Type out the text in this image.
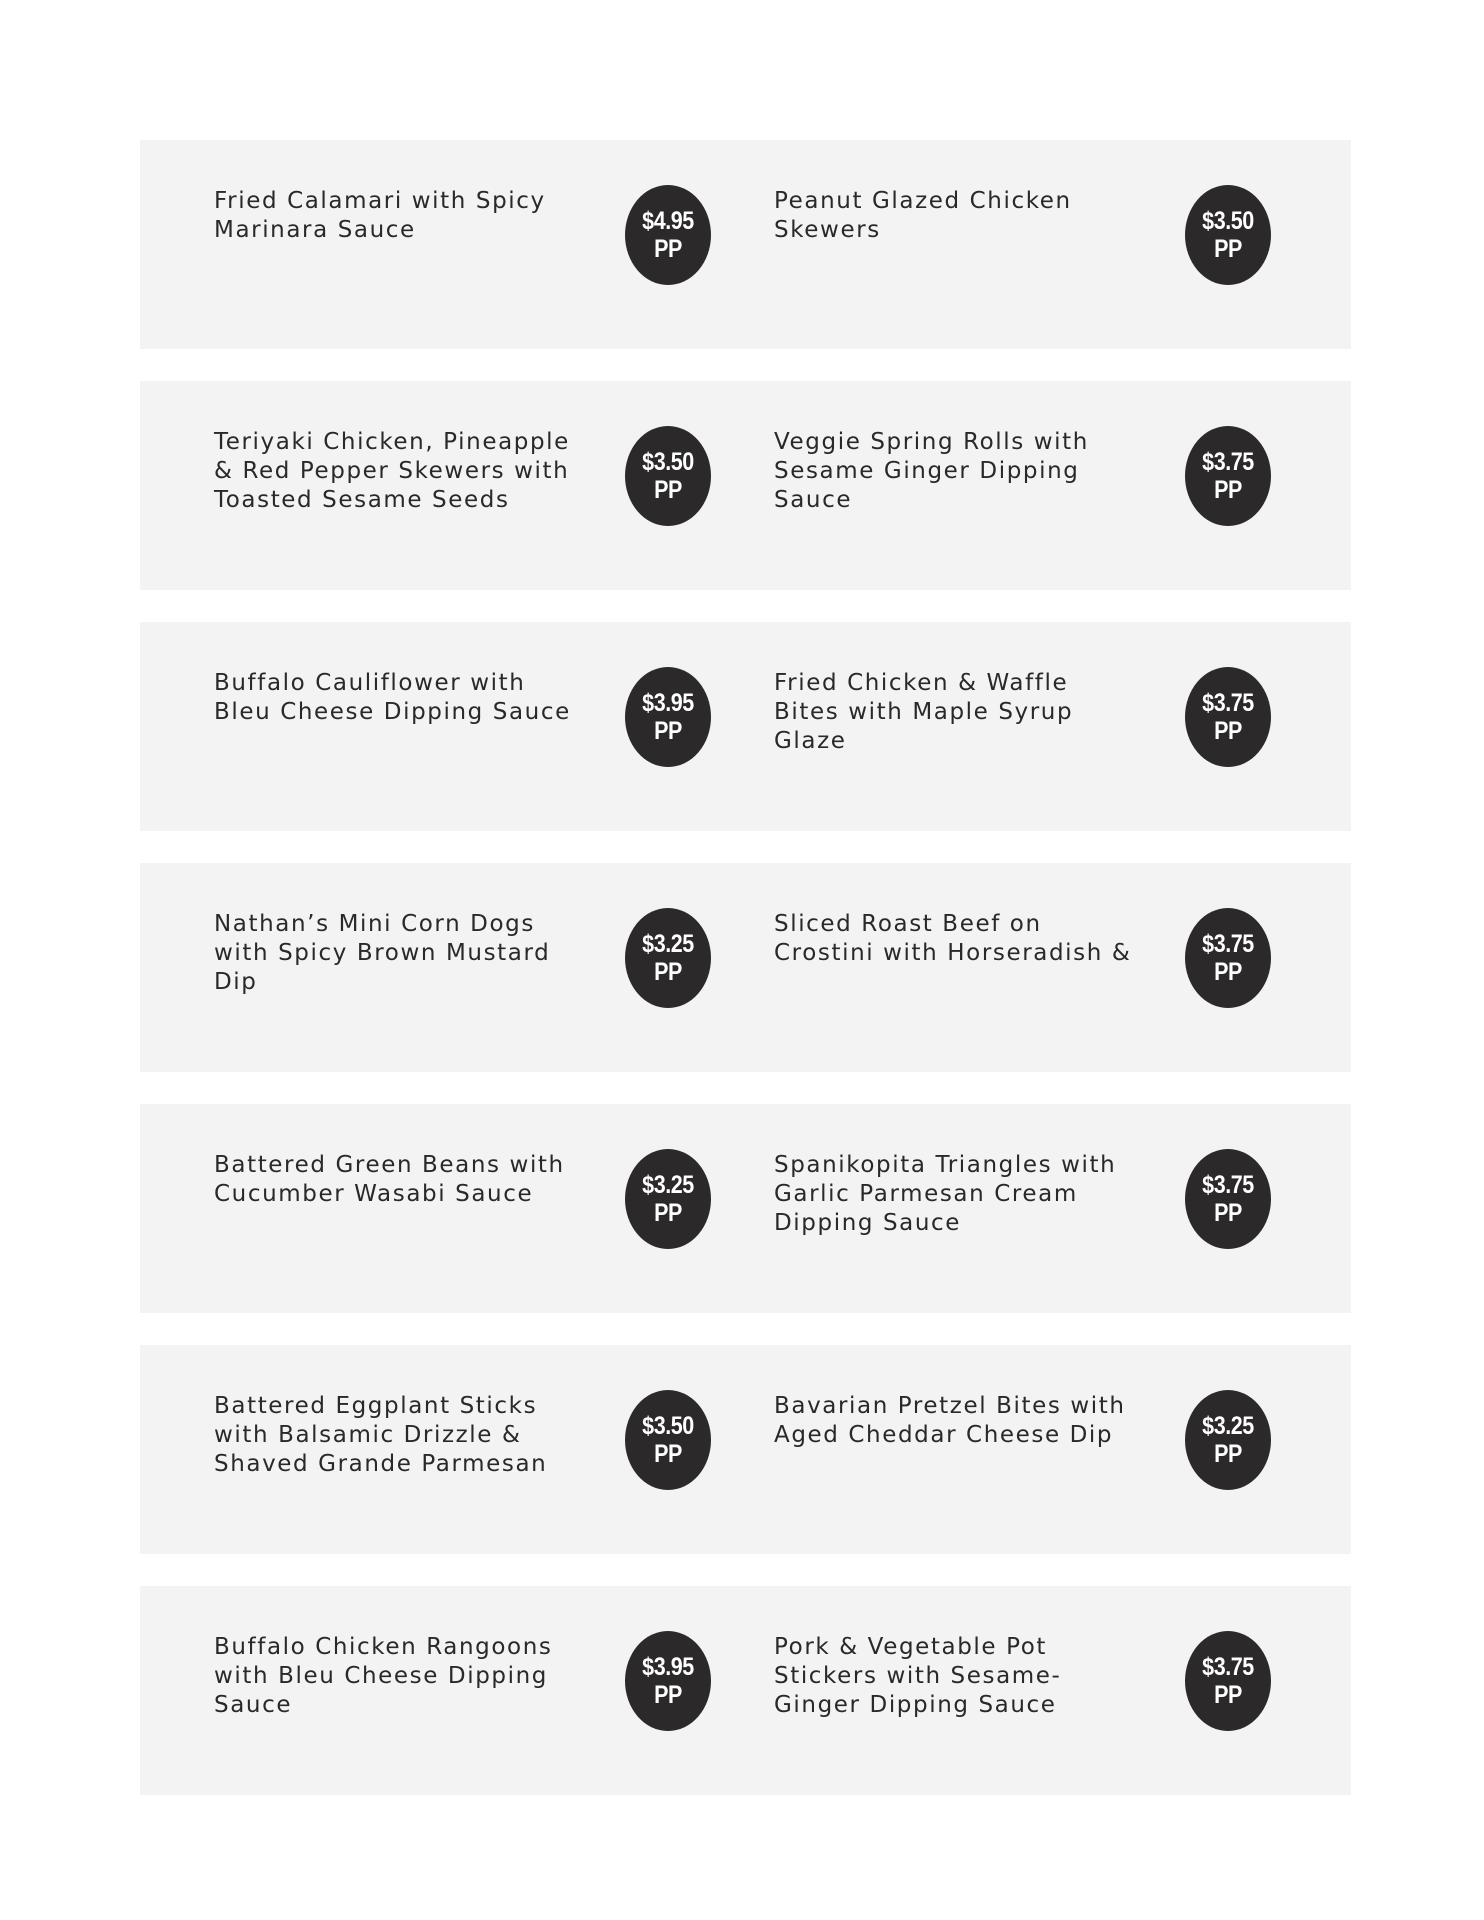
Fried Calamari with Spicy Marinara Sauce	$4.95
PP
Peanut Glazed Chicken Skewers	$3.50
PP
Teriyaki Chicken, Pineapple & Red Pepper Skewers with Toasted Sesame Seeds
$3.50
PP
Veggie Spring Rolls with Sesame Ginger Dipping Sauce
$3.75
PP
Buffalo Cauliflower with Bleu Cheese Dipping Sauce	$3.95
PP
Fried Chicken & Waffle Bites with Maple Syrup Glaze
$3.75
PP
Nathan’s Mini Corn Dogs with Spicy Brown Mustard Dip
$3.25
PP
Sliced Roast Beef on Crostini with Horseradish &	$3.75
PP
Battered Green Beans with Cucumber Wasabi Sauce	$3.25
PP
Spanikopita Triangles with Garlic Parmesan Cream Dipping Sauce
$3.75
PP
Battered Eggplant Sticks with Balsamic Drizzle & Shaved Grande Parmesan
$3.50
PP
Bavarian Pretzel Bites with Aged Cheddar Cheese Dip	$3.25
PP
Buffalo Chicken Rangoons with Bleu Cheese Dipping Sauce
$3.95
PP
Pork & Vegetable Pot Stickers with Sesame-Ginger Dipping Sauce
$3.75
PP
